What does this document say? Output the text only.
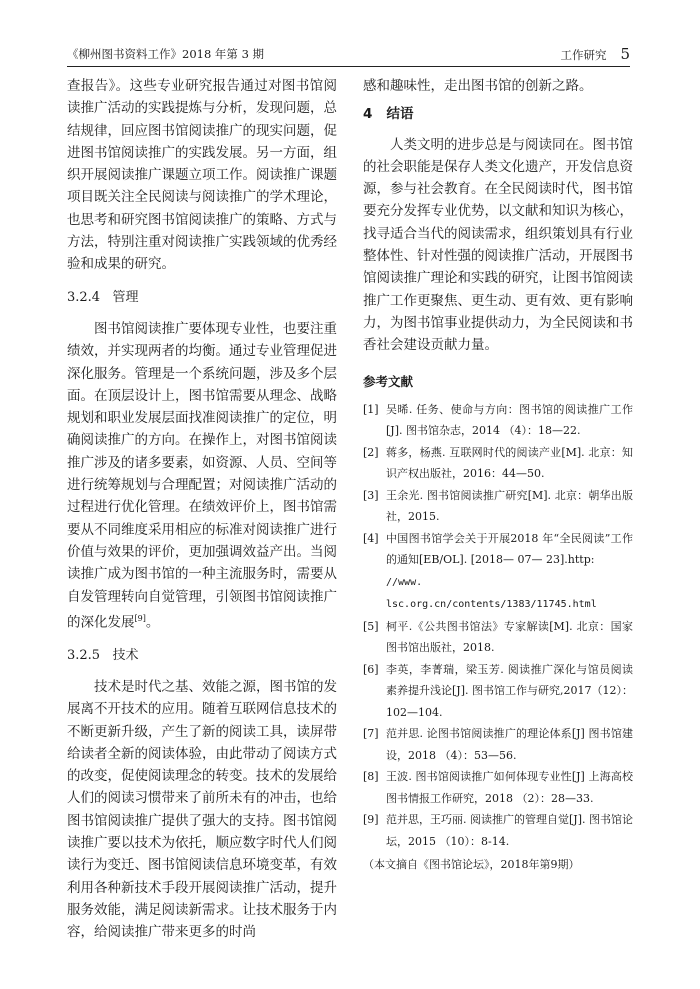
《柳州图书资料工作》2018 年第 3 期	工作研究 5

查报告》。这些专业研究报告通过对图书馆阅读推广活动的实践提炼与分析，发现问题，总结规律，回应图书馆阅读推广的现实问题，促进图书馆阅读推广的实践发展。另一方面，组织开展阅读推广课题立项工作。阅读推广课题项目既关注全民阅读与阅读推广的学术理论，也思考和研究图书馆阅读推广的策略、方式与方法，特别注重对阅读推广实践领域的优秀经验和成果的研究。

3.2.4 管理

图书馆阅读推广要体现专业性，也要注重绩效，并实现两者的均衡。通过专业管理促进深化服务。管理是一个系统问题，涉及多个层面。在顶层设计上，图书馆需要从理念、战略规划和职业发展层面找准阅读推广的定位，明确阅读推广的方向。在操作上，对图书馆阅读推广涉及的诸多要素，如资源、人员、空间等进行统筹规划与合理配置；对阅读推广活动的过程进行优化管理。在绩效评价上，图书馆需要从不同维度采用相应的标准对阅读推广进行价值与效果的评价，更加强调效益产出。当阅读推广成为图书馆的一种主流服务时，需要从自发管理转向自觉管理，引领图书馆阅读推广的深化发展[9]。

3.2.5 技术

技术是时代之基、效能之源，图书馆的发展离不开技术的应用。随着互联网信息技术的不断更新升级，产生了新的阅读工具，读屏带给读者全新的阅读体验，由此带动了阅读方式的改变，促使阅读理念的转变。技术的发展给人们的阅读习惯带来了前所未有的冲击，也给图书馆阅读推广提供了强大的支持。图书馆阅读推广要以技术为依托，顺应数字时代人们阅读行为变迁、图书馆阅读信息环境变革，有效利用各种新技术手段开展阅读推广活动，提升服务效能，满足阅读新需求。让技术服务于内容，给阅读推广带来更多的时尚

感和趣味性，走出图书馆的创新之路。

4 结语

人类文明的进步总是与阅读同在。图书馆的社会职能是保存人类文化遗产，开发信息资源，参与社会教育。在全民阅读时代，图书馆要充分发挥专业优势，以文献和知识为核心，找寻适合当代的阅读需求，组织策划具有行业整体性、针对性强的阅读推广活动，开展图书馆阅读推广理论和实践的研究，让图书馆阅读推广工作更聚焦、更生动、更有效、更有影响力，为图书馆事业提供动力，为全民阅读和书香社会建设贡献力量。

参考文献
[1] 吴晞. 任务、使命与方向：图书馆的阅读推广工作[J]. 图书馆杂志，2014 （4）：18—22.
[2] 蒋多，杨燕. 互联网时代的阅读产业[M]. 北京：知识产权出版社，2016：44—50.
[3] 王余光. 图书馆阅读推广研究[M]. 北京：朝华出版社，2015.
[4] 中国图书馆学会关于开展2018 年“全民阅读”工作的通知[EB/OL]. [2018— 07— 23].http:
//www. lsc.org.cn/contents/1383/11745.html
[5] 柯平.《公共图书馆法》专家解读[M]. 北京：国家图书馆出版社，2018.
[6] 李英，李菁瑞，梁玉芳. 阅读推广深化与馆员阅读素养提升浅论[J]. 图书馆工作与研究,2017（12）： 102—104.
[7] 范并思. 论图书馆阅读推广的理论体系[J] 图书馆建设，2018 （4）：53—56.
[8] 王波. 图书馆阅读推广如何体现专业性[J] 上海高校图书情报工作研究，2018 （2）：28—33.
[9] 范并思，王巧丽. 阅读推广的管理自觉[J]. 图书馆论坛，2015 （10）：8-14.
（本文摘自《图书馆论坛》，2018年第9期）
